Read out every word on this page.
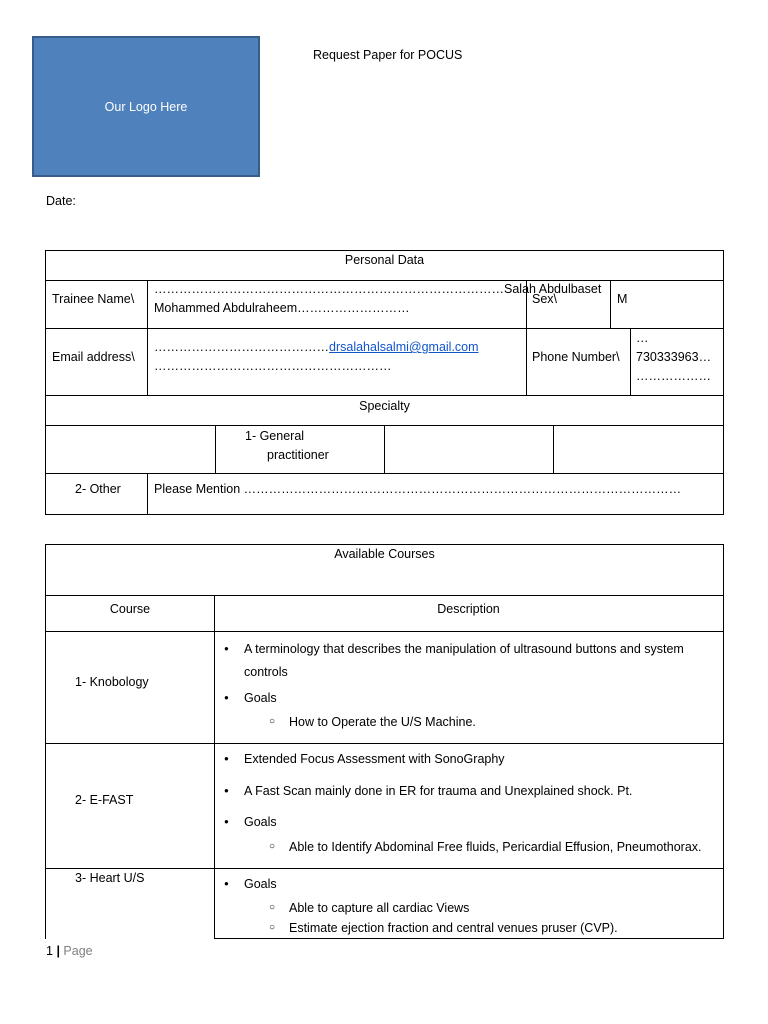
Our Logo Here
Request Paper for POCUS
Date:
Personal Data
Trainee Name\
…………………………………………………………………………Salah Abdulbaset
Mohammed Abdulraheem………………………
Sex\	M
Email address\
……………………………………drsalahalsalmi@gmail.com
…………………………………………………
Phone Number\
…
730333963…
………………
Specialty
1- General
practitioner
2- Other	Please Mention ……………………………………………………………………………………………
Available Courses
Course	Description
1- Knobology
● A terminology that describes the manipulation of ultrasound buttons and system
controls
● Goals
○ How to Operate the U/S Machine.
2- E-FAST
● Extended Focus Assessment with SonoGraphy
● A Fast Scan mainly done in ER for trauma and Unexplained shock. Pt.
● Goals
○ Able to Identify Abdominal Free fluids, Pericardial Effusion, Pneumothorax.
3- Heart U/S
●	Goals
○ Able to capture all cardiac Views
○ Estimate ejection fraction and central venues pruser (CVP).
1 | Page
